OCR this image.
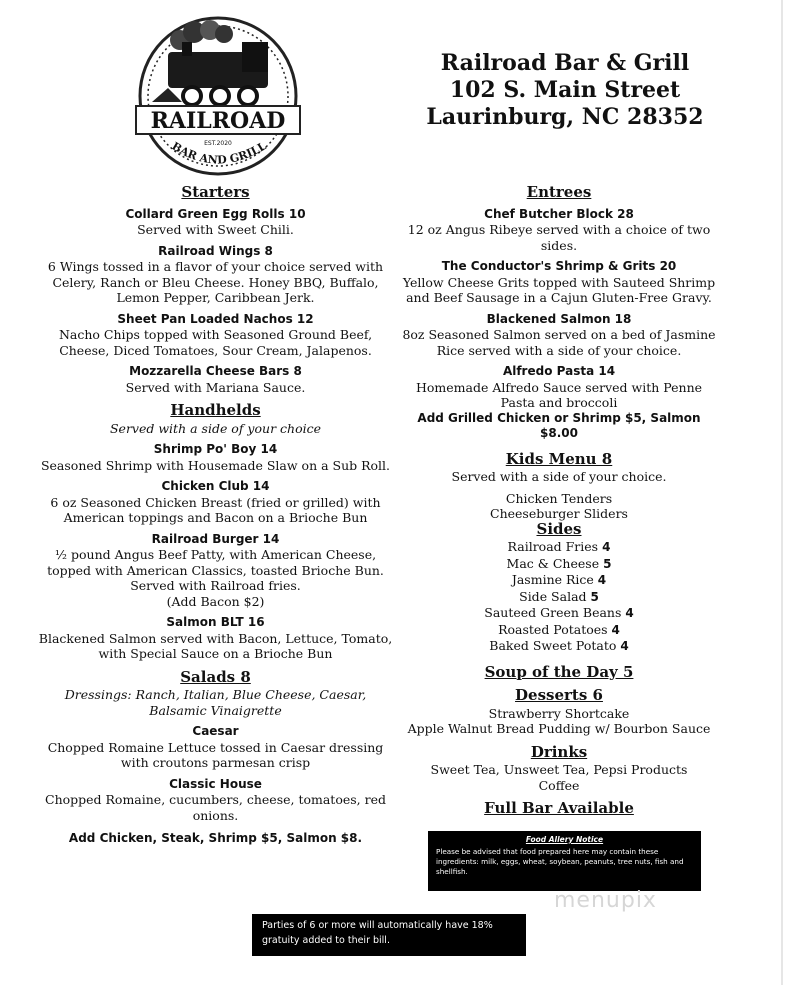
RAILROAD
EST.2020
BAR AND GRILL
Railroad Bar & Grill
102 S. Main Street
Laurinburg, NC 28352
Starters
Collard Green Egg Rolls 10
Served with Sweet Chili.
Railroad Wings 8
6 Wings tossed in a flavor of your choice served with Celery, Ranch or Bleu Cheese. Honey BBQ, Buffalo, Lemon Pepper, Caribbean Jerk.
Sheet Pan Loaded Nachos 12
Nacho Chips topped with Seasoned Ground Beef, Cheese, Diced Tomatoes, Sour Cream, Jalapenos.
Mozzarella Cheese Bars 8
Served with Mariana Sauce.
Handhelds
Served with a side of your choice
Shrimp Po' Boy 14
Seasoned Shrimp with Housemade Slaw on a Sub Roll.
Chicken Club 14
6 oz Seasoned Chicken Breast (fried or grilled) with American toppings and Bacon on a Brioche Bun
Railroad Burger 14
½ pound Angus Beef Patty, with American Cheese, topped with American Classics, toasted Brioche Bun. Served with Railroad fries.
(Add Bacon $2)
Salmon BLT 16
Blackened Salmon served with Bacon, Lettuce, Tomato, with Special Sauce on a Brioche Bun
Salads 8
Dressings: Ranch, Italian, Blue Cheese, Caesar, Balsamic Vinaigrette
Caesar
Chopped Romaine Lettuce tossed in Caesar dressing with croutons parmesan crisp
Classic House
Chopped Romaine, cucumbers, cheese, tomatoes, red onions.
Add Chicken, Steak, Shrimp $5, Salmon $8.
Entrees
Chef Butcher Block 28
12 oz Angus Ribeye served with a choice of two sides.
The Conductor's Shrimp & Grits 20
Yellow Cheese Grits topped with Sauteed Shrimp and Beef Sausage in a Cajun Gluten-Free Gravy.
Blackened Salmon 18
8oz Seasoned Salmon served on a bed of Jasmine Rice served with a side of your choice.
Alfredo Pasta 14
Homemade Alfredo Sauce served with Penne Pasta and broccoli
Add Grilled Chicken or Shrimp $5, Salmon $8.00
Kids Menu 8
Served with a side of your choice.
Chicken Tenders
Cheeseburger Sliders
Sides
Railroad Fries 4
Mac & Cheese 5
Jasmine Rice 4
Side Salad 5
Sauteed Green Beans 4
Roasted Potatoes 4
Baked Sweet Potato 4
Soup of the Day 5
Desserts 6
Strawberry Shortcake
Apple Walnut Bread Pudding w/ Bourbon Sauce
Drinks
Sweet Tea, Unsweet Tea, Pepsi Products
Coffee
Full Bar Available
Food Allery Notice
Please be advised that food prepared here may contain these ingredients: milk, eggs, wheat, soybean, peanuts, tree nuts, fish and shellfish.
Parties of 6 or more will automatically have 18% gratuity added to their bill.
menupix
